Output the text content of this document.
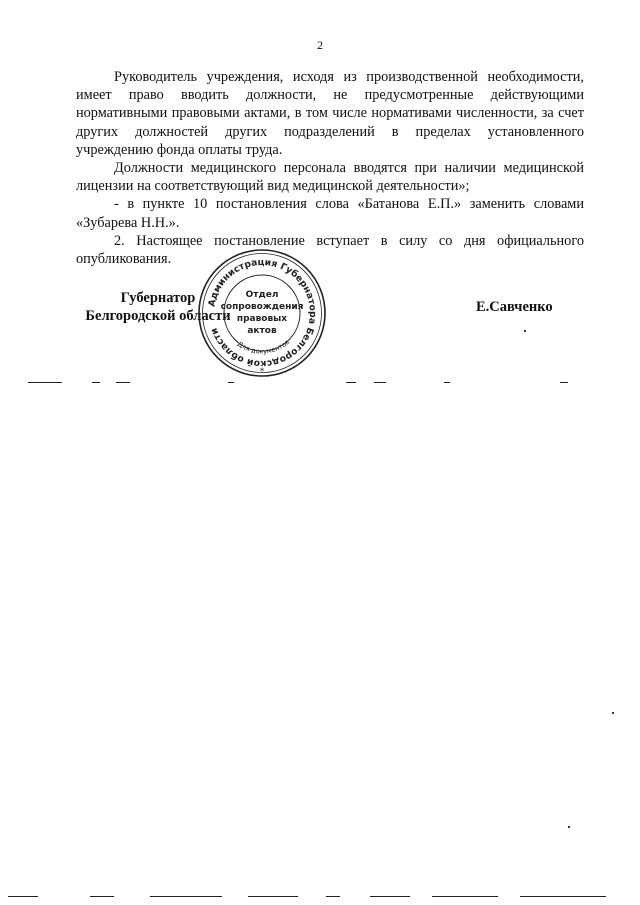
2

Руководитель учреждения, исходя из производственной необходимости, имеет право вводить должности, не предусмотренные действующими нормативными правовыми актами, в том числе нормативами численности, за счет других должностей других подразделений в пределах установленного учреждению фонда оплаты труда.

Должности медицинского персонала вводятся при наличии медицинской лицензии на соответствующий вид медицинской деятельности»;

- в пункте 10 постановления слова «Батанова Е.П.» заменить словами «Зубарева Н.Н.».

2. Настоящее постановление вступает в силу со дня официального опубликования.

Губернатор
Белгородской области
Е.Савченко
Администрация Губернатора Белгородской области
Для документов
Отдел
сопровождения
правовых
актов
*
